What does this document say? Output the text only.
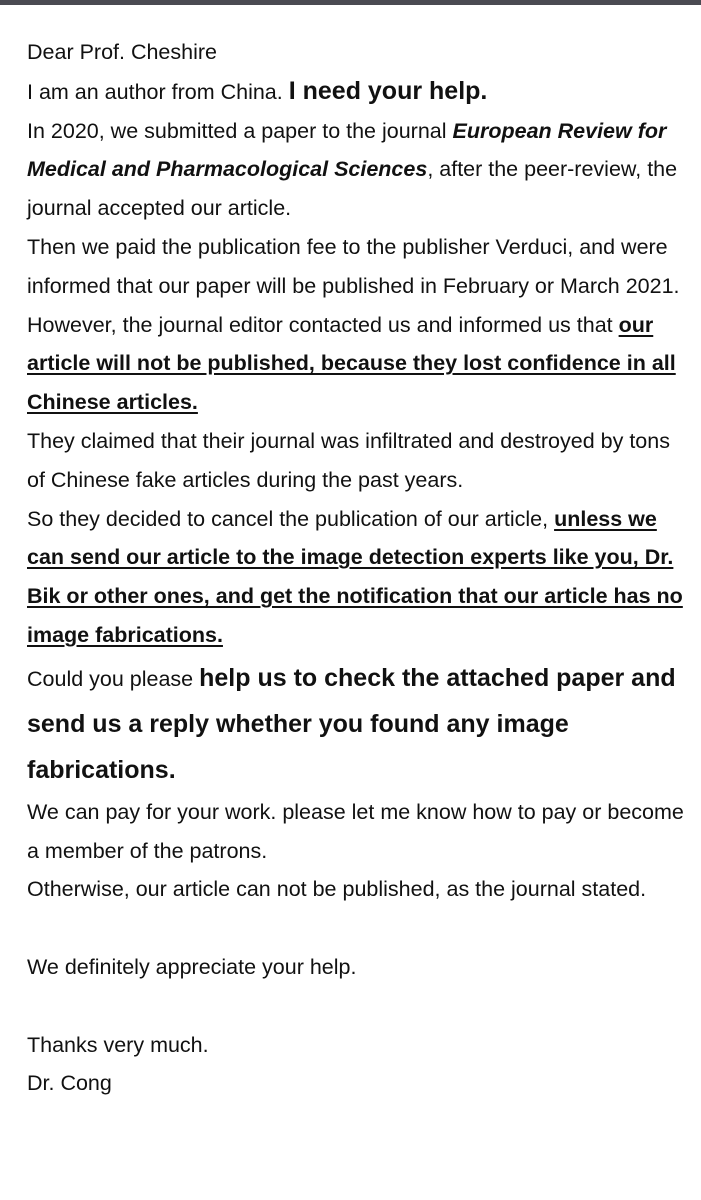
Dear Prof. Cheshire

I am an author from China. I need your help.

In 2020, we submitted a paper to the journal European Review for Medical and Pharmacological Sciences, after the peer-review, the journal accepted our article.

Then we paid the publication fee to the publisher Verduci, and were informed that our paper will be published in February or March 2021.

However, the journal editor contacted us and informed us that our article will not be published, because they lost confidence in all Chinese articles.

They claimed that their journal was infiltrated and destroyed by tons of Chinese fake articles during the past years.

So they decided to cancel the publication of our article, unless we can send our article to the image detection experts like you, Dr. Bik or other ones, and get the notification that our article has no image fabrications.

Could you please help us to check the attached paper and send us a reply whether you found any image fabrications.

We can pay for your work. please let me know how to pay or become a member of the patrons.

Otherwise, our article can not be published, as the journal stated.

We definitely appreciate your help.

Thanks very much.

Dr. Cong
